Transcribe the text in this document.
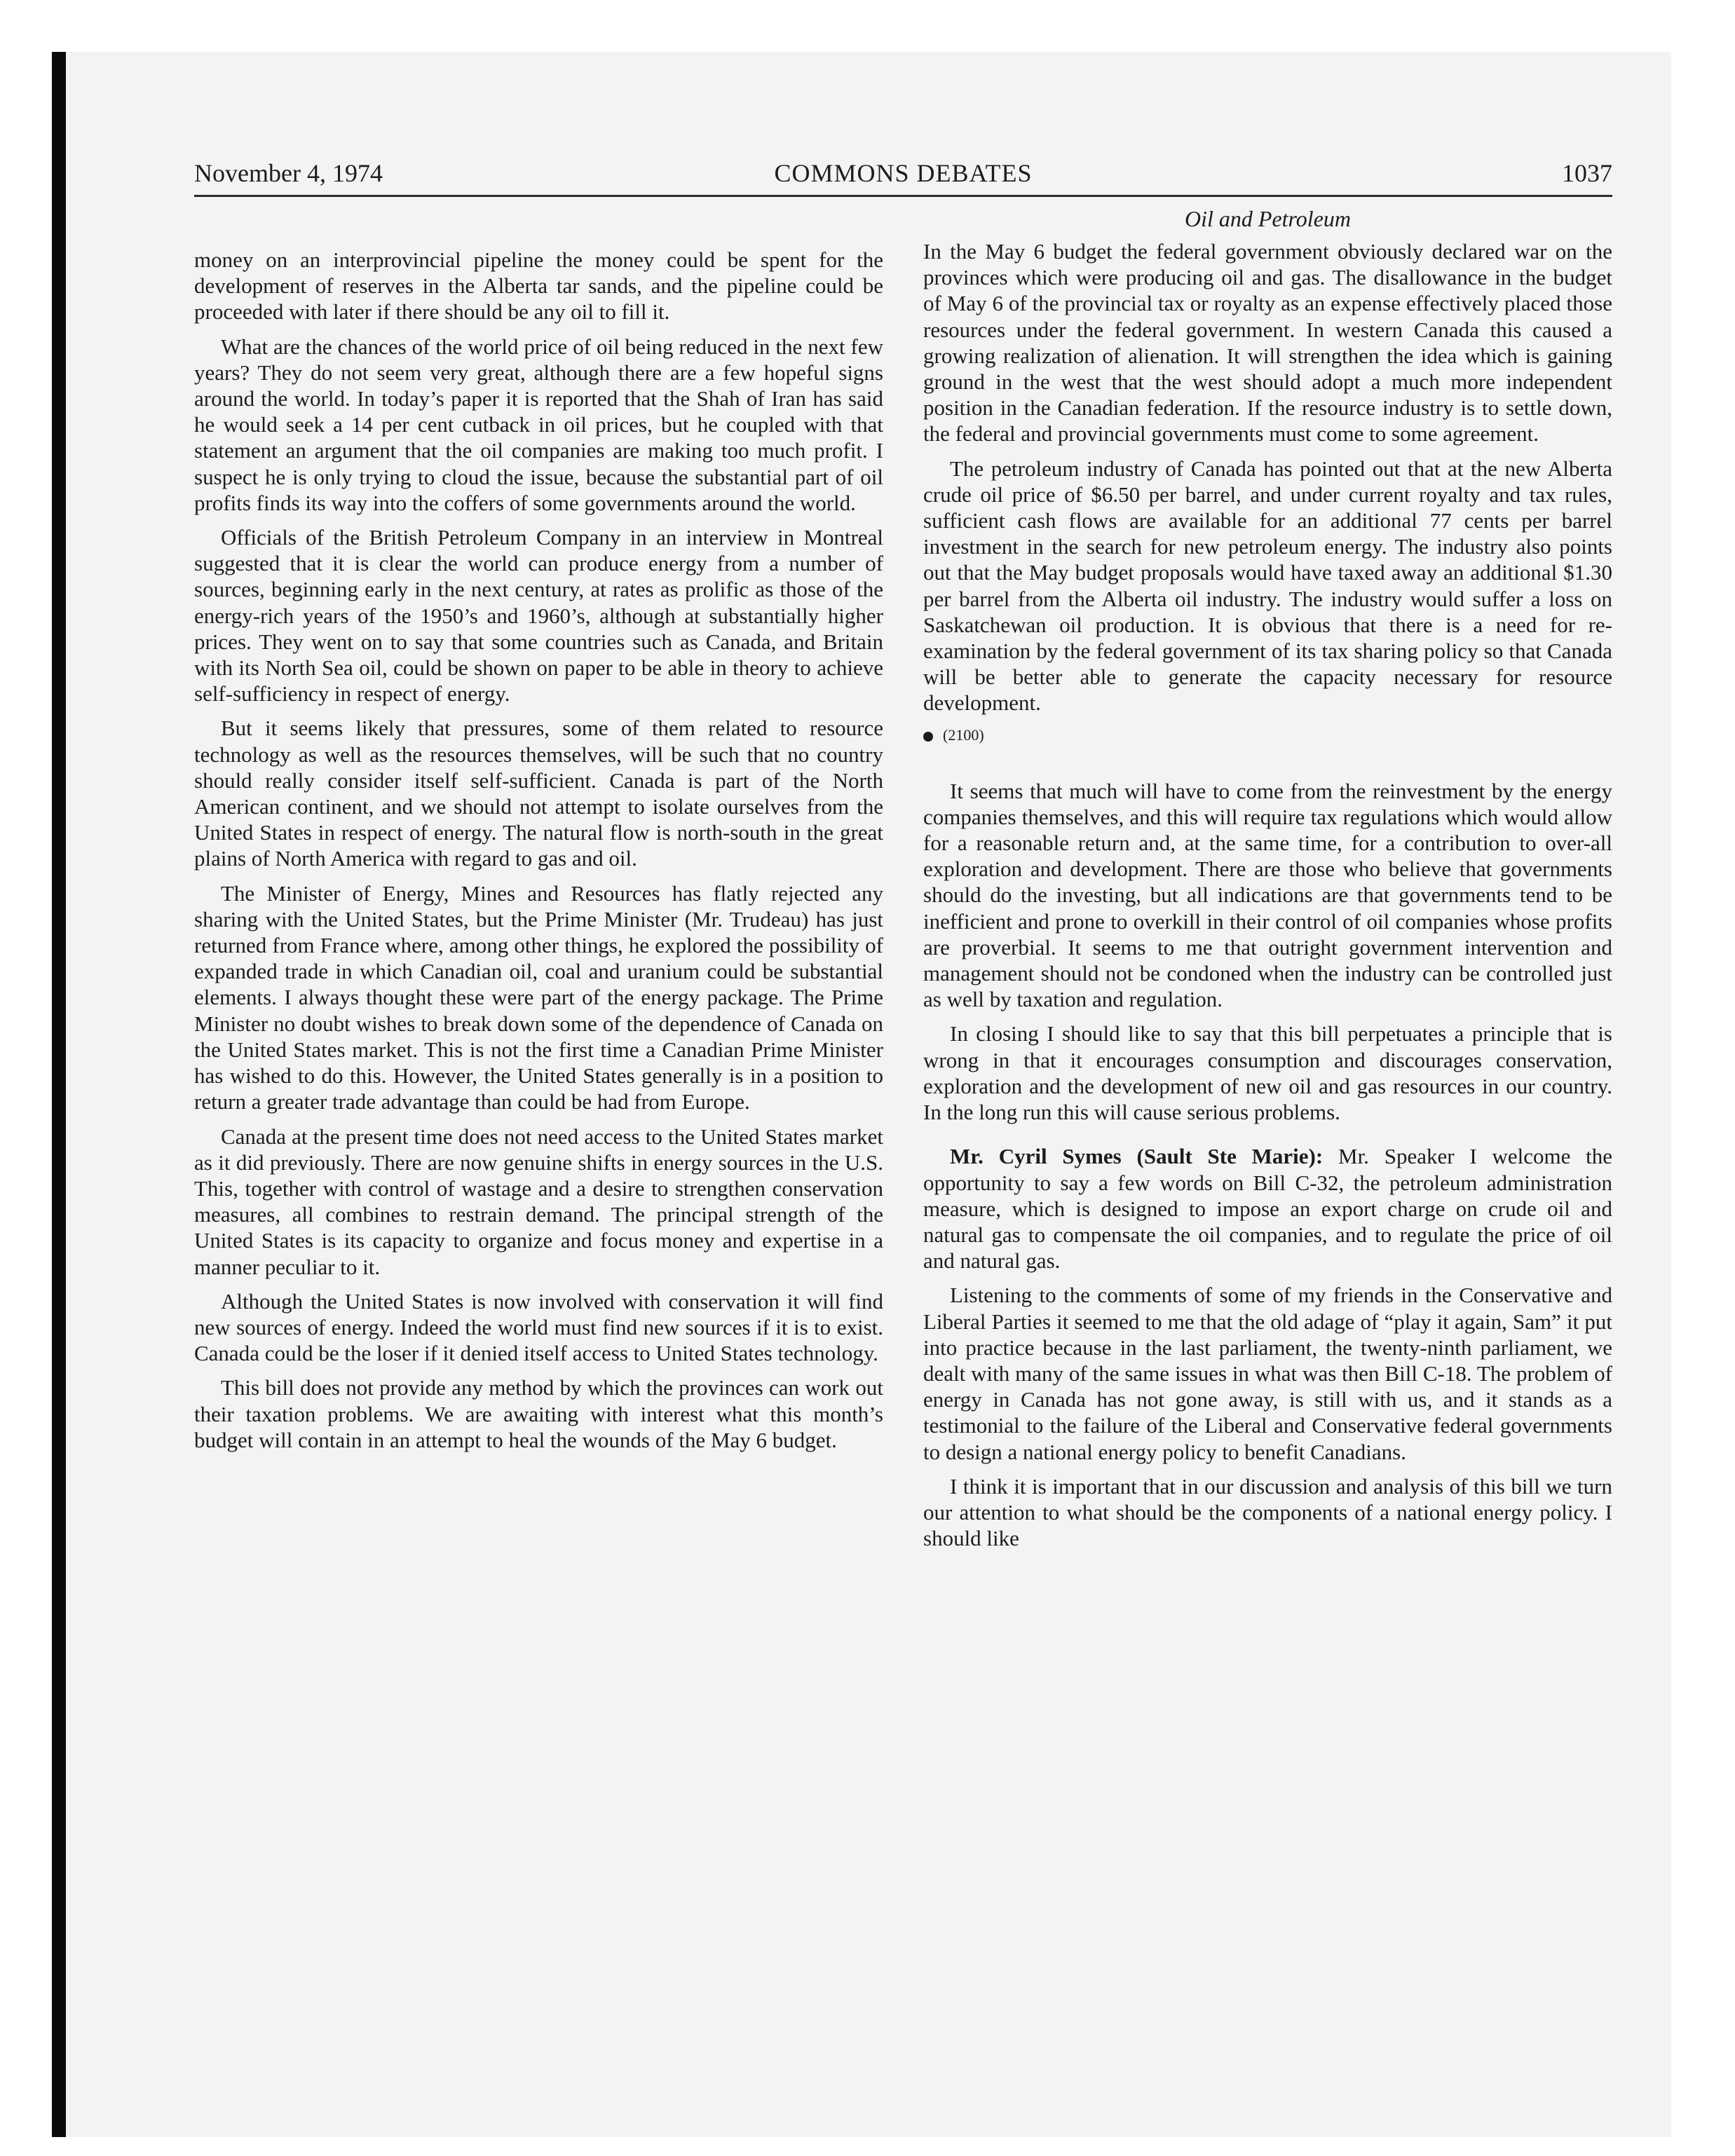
November 4, 1974	COMMONS DEBATES	1037

money on an interprovincial pipeline the money could be spent for the development of reserves in the Alberta tar sands, and the pipeline could be proceeded with later if there should be any oil to fill it.

What are the chances of the world price of oil being reduced in the next few years? They do not seem very great, although there are a few hopeful signs around the world. In today’s paper it is reported that the Shah of Iran has said he would seek a 14 per cent cutback in oil prices, but he coupled with that statement an argument that the oil companies are making too much profit. I suspect he is only trying to cloud the issue, because the substantial part of oil profits finds its way into the coffers of some governments around the world.

Officials of the British Petroleum Company in an interview in Montreal suggested that it is clear the world can produce energy from a number of sources, beginning early in the next century, at rates as prolific as those of the energy-rich years of the 1950’s and 1960’s, although at substantially higher prices. They went on to say that some countries such as Canada, and Britain with its North Sea oil, could be shown on paper to be able in theory to achieve self-sufficiency in respect of energy.

But it seems likely that pressures, some of them related to resource technology as well as the resources themselves, will be such that no country should really consider itself self-sufficient. Canada is part of the North American continent, and we should not attempt to isolate ourselves from the United States in respect of energy. The natural flow is north-south in the great plains of North America with regard to gas and oil.

The Minister of Energy, Mines and Resources has flatly rejected any sharing with the United States, but the Prime Minister (Mr. Trudeau) has just returned from France where, among other things, he explored the possibility of expanded trade in which Canadian oil, coal and uranium could be substantial elements. I always thought these were part of the energy package. The Prime Minister no doubt wishes to break down some of the dependence of Canada on the United States market. This is not the first time a Canadian Prime Minister has wished to do this. However, the United States generally is in a position to return a greater trade advantage than could be had from Europe.

Canada at the present time does not need access to the United States market as it did previously. There are now genuine shifts in energy sources in the U.S. This, together with control of wastage and a desire to strengthen conservation measures, all combines to restrain demand. The principal strength of the United States is its capacity to organize and focus money and expertise in a manner peculiar to it.

Although the United States is now involved with conservation it will find new sources of energy. Indeed the world must find new sources if it is to exist. Canada could be the loser if it denied itself access to United States technology.

This bill does not provide any method by which the provinces can work out their taxation problems. We are awaiting with interest what this month’s budget will contain in an attempt to heal the wounds of the May 6 budget.

Oil and Petroleum

In the May 6 budget the federal government obviously declared war on the provinces which were producing oil and gas. The disallowance in the budget of May 6 of the provincial tax or royalty as an expense effectively placed those resources under the federal government. In western Canada this caused a growing realization of alienation. It will strengthen the idea which is gaining ground in the west that the west should adopt a much more independent position in the Canadian federation. If the resource industry is to settle down, the federal and provincial governments must come to some agreement.

The petroleum industry of Canada has pointed out that at the new Alberta crude oil price of $6.50 per barrel, and under current royalty and tax rules, sufficient cash flows are available for an additional 77 cents per barrel investment in the search for new petroleum energy. The industry also points out that the May budget proposals would have taxed away an additional $1.30 per barrel from the Alberta oil industry. The industry would suffer a loss on Saskatchewan oil production. It is obvious that there is a need for re-examination by the federal government of its tax sharing policy so that Canada will be better able to generate the capacity necessary for resource development.

(2100)

It seems that much will have to come from the reinvestment by the energy companies themselves, and this will require tax regulations which would allow for a reasonable return and, at the same time, for a contribution to over-all exploration and development. There are those who believe that governments should do the investing, but all indications are that governments tend to be inefficient and prone to overkill in their control of oil companies whose profits are proverbial. It seems to me that outright government intervention and management should not be condoned when the industry can be controlled just as well by taxation and regulation.

In closing I should like to say that this bill perpetuates a principle that is wrong in that it encourages consumption and discourages conservation, exploration and the development of new oil and gas resources in our country. In the long run this will cause serious problems.

Mr. Cyril Symes (Sault Ste Marie): Mr. Speaker I welcome the opportunity to say a few words on Bill C-32, the petroleum administration measure, which is designed to impose an export charge on crude oil and natural gas to compensate the oil companies, and to regulate the price of oil and natural gas.

Listening to the comments of some of my friends in the Conservative and Liberal Parties it seemed to me that the old adage of “play it again, Sam” it put into practice because in the last parliament, the twenty-ninth parliament, we dealt with many of the same issues in what was then Bill C-18. The problem of energy in Canada has not gone away, is still with us, and it stands as a testimonial to the failure of the Liberal and Conservative federal governments to design a national energy policy to benefit Canadians.

I think it is important that in our discussion and analysis of this bill we turn our attention to what should be the components of a national energy policy. I should like
